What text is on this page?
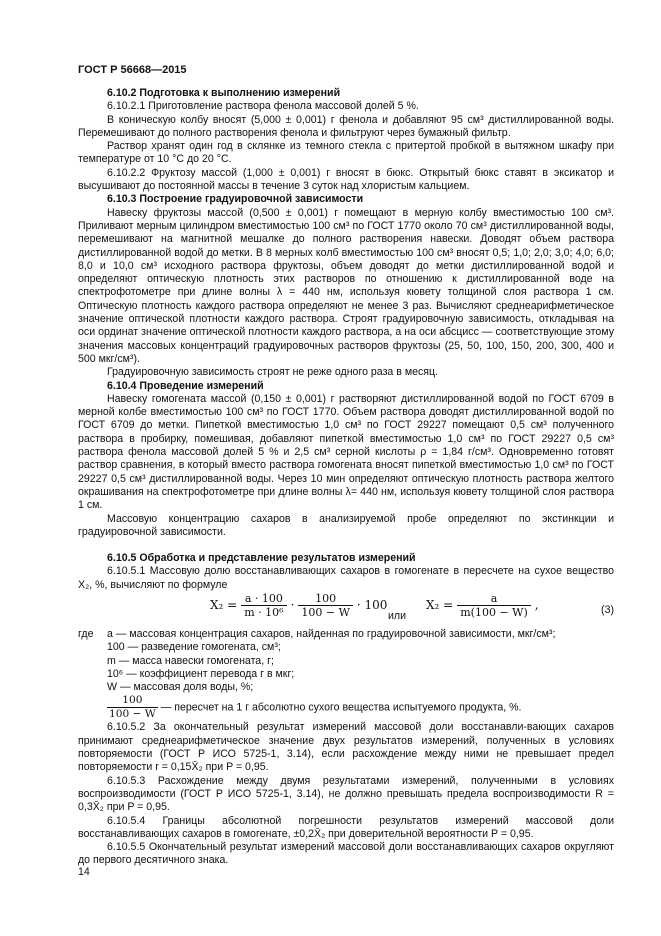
ГОСТ Р 56668—2015

6.10.2 Подготовка к выполнению измерений

6.10.2.1 Приготовление раствора фенола массовой долей 5 %.

В коническую колбу вносят (5,000 ± 0,001) г фенола и добавляют 95 см³ дистиллированной воды. Перемешивают до полного растворения фенола и фильтруют через бумажный фильтр.

Раствор хранят один год в склянке из темного стекла с притертой пробкой в вытяжном шкафу при температуре от 10 °С до 20 °С.

6.10.2.2 Фруктозу массой (1,000 ± 0,001) г вносят в бюкс. Открытый бюкс ставят в эксикатор и высушивают до постоянной массы в течение 3 суток над хлористым кальцием.

6.10.3 Построение градуировочной зависимости

Навеску фруктозы массой (0,500 ± 0,001) г помещают в мерную колбу вместимостью 100 см³. Приливают мерным цилиндром вместимостью 100 см³ по ГОСТ 1770 около 70 см³ дистиллированной воды, перемешивают на магнитной мешалке до полного растворения навески. Доводят объем раствора дистиллированной водой до метки. В 8 мерных колб вместимостью 100 см³ вносят 0,5; 1,0; 2,0; 3,0; 4,0; 6,0; 8,0 и 10,0 см³ исходного раствора фруктозы, объем доводят до метки дистиллированной водой и определяют оптическую плотность этих растворов по отношению к дистиллированной воде на спектрофотометре при длине волны λ = 440 нм, используя кювету толщиной слоя раствора 1 см. Оптическую плотность каждого раствора определяют не менее 3 раз. Вычисляют среднеарифметическое значение оптической плотности каждого раствора. Строят градуировочную зависимость, откладывая на оси ординат значение оптической плотности каждого раствора, а на оси абсцисс — соответствующие этому значения массовых концентраций градуировочных растворов фруктозы (25, 50, 100, 150, 200, 300, 400 и 500 мкг/см³).

Градуировочную зависимость строят не реже одного раза в месяц.

6.10.4 Проведение измерений

Навеску гомогената массой (0,150 ± 0,001) г растворяют дистиллированной водой по ГОСТ 6709 в мерной колбе вместимостью 100 см³ по ГОСТ 1770. Объем раствора доводят дистиллированной водой по ГОСТ 6709 до метки. Пипеткой вместимостью 1,0 см³ по ГОСТ 29227 помещают 0,5 см³ полученного раствора в пробирку, помешивая, добавляют пипеткой вместимостью 1,0 см³ по ГОСТ 29227 0,5 см³ раствора фенола массовой долей 5 % и 2,5 см³ серной кислоты ρ = 1,84 г/см³. Одновременно готовят раствор сравнения, в который вместо раствора гомогената вносят пипеткой вместимостью 1,0 см³ по ГОСТ 29227 0,5 см³ дистиллированной воды. Через 10 мин определяют оптическую плотность раствора желтого окрашивания на спектрофотометре при длине волны λ= 440 нм, используя кювету толщиной слоя раствора 1 см.

Массовую концентрацию сахаров в анализируемой пробе определяют по экстинкции и градуировочной зависимости.

6.10.5 Обработка и представление результатов измерений

6.10.5.1 Массовую долю восстанавливающих сахаров в гомогенате в пересчете на сухое вещество X₂, %, вычисляют по формуле

$X_2 = \frac{a \cdot 100}{\text{m · 10⁶}} \cdot \frac{100}{100 - W} \cdot 100$
или
$X_2 = \frac{a}{m(100 - W)}$ ,	(3)
где a — массовая концентрация сахаров, найденная по градуировочной зависимости, мкг/см³;
100 — разведение гомогената, см³;
m — масса навески гомогената, г;
10⁶ — коэффициент перевода г в мкг;
W — массовая доля воды, %;
$\frac{100}{100 - W}$ — пересчет на 1 г абсолютно сухого вещества испытуемого продукта, %.

6.10.5.2 За окончательный результат измерений массовой доли восстанавли-вающих сахаров принимают среднеарифметическое значение двух результатов измерений, полученных в условиях повторяемости (ГОСТ Р ИСО 5725-1, 3.14), если расхождение между ними не превышает предел повторяемости r = 0,15X̄₂ при P = 0,95.

6.10.5.3 Расхождение между двумя результатами измерений, полученными в условиях воспроизводимости (ГОСТ Р ИСО 5725-1, 3.14), не должно превышать предела воспроизводимости R = 0,3X̄₂ при P = 0,95.

6.10.5.4 Границы абсолютной погрешности результатов измерений массовой доли восстанавливающих сахаров в гомогенате, ±0,2X̄₂ при доверительной вероятности P = 0,95.

6.10.5.5 Окончательный результат измерений массовой доли восстанавливающих сахаров округляют до первого десятичного знака.

14
